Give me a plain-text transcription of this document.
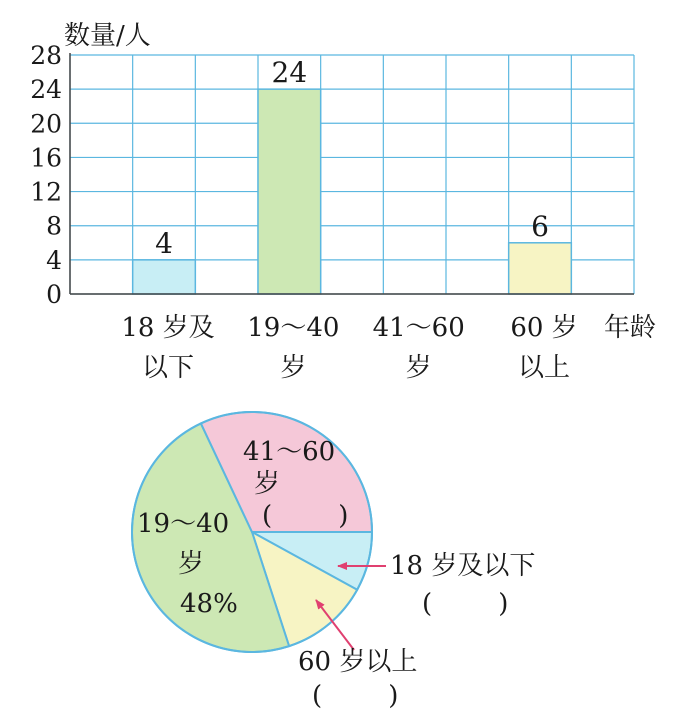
0
4
8
12
16
20
24
28
18 岁及
以下
19～40
岁
41～60
岁
60 岁
以上
4
24
6
数量/人
年龄
41～60
岁
(        )
19～40
岁
48%
18 岁及以下
(        )
60 岁以上
(        )
